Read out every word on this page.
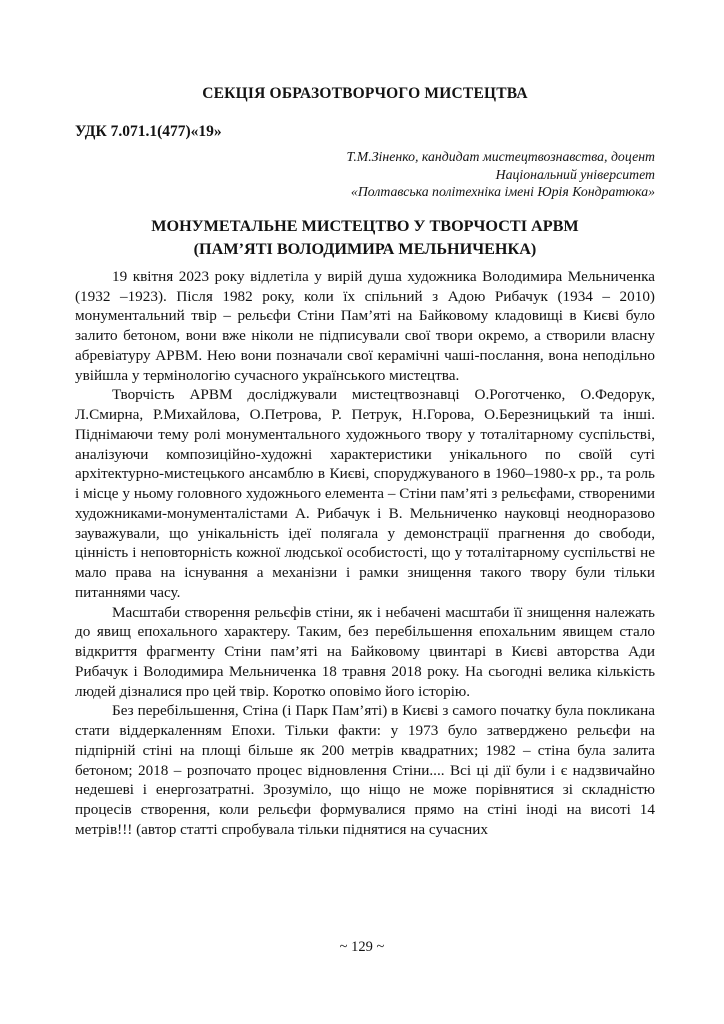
СЕКЦІЯ ОБРАЗОТВОРЧОГО МИСТЕЦТВА
УДК 7.071.1(477)«19»
Т.М.Зіненко, кандидат мистецтвознавства, доцент
Національний університет
«Полтавська політехніка імені Юрія Кондратюка»
МОНУМЕТАЛЬНЕ МИСТЕЦТВО У ТВОРЧОСТІ АРВМ
(ПАМ’ЯТІ ВОЛОДИМИРА МЕЛЬНИЧЕНКА)

19 квітня 2023 року відлетіла у вирій душа художника Володимира Мельниченка (1932 –1923). Після 1982 року, коли їх спільний з Адою Рибачук (1934 – 2010) монументальний твір – рельєфи Стіни Пам’яті на Байковому кладовищі в Києві було залито бетоном, вони вже ніколи не підписували свої твори окремо, а створили власну абревіатуру АРВМ. Нею вони позначали свої керамічні чаші-послання, вона неподільно увійшла у термінологію сучасного українського мистецтва.

Творчість АРВМ досліджували мистецтвознавці О.Роготченко, О.Федорук, Л.Смирна, Р.Михайлова, О.Петрова, Р. Петрук, Н.Горова, О.Березницький та інші. Піднімаючи тему ролі монументального художнього твору у тоталітарному суспільстві, аналізуючи композиційно-художні характеристики унікального по своїй суті архітектурно-мистецького ансамблю в Києві, споруджуваного в 1960–1980-х рр., та роль і місце у ньому головного художнього елемента – Стіни пам’яті з рельєфами, створеними художниками-монументалістами А. Рибачук і В. Мельниченко науковці неодноразово зауважували, що унікальність ідеї полягала у демонстрації прагнення до свободи, цінність і неповторність кожної людської особистості, що у тоталітарному суспільстві не мало права на існування а механізни і рамки знищення такого твору були тільки питаннями часу.

Масштаби створення рельєфів стіни, як і небачені масштаби її знищення належать до явищ епохального характеру. Таким, без перебільшення епохальним явищем стало відкриття фрагменту Стіни пам’яті на Байковому цвинтарі в Києві авторства Ади Рибачук і Володимира Мельниченка 18 травня 2018 року. На сьогодні велика кількість людей дізналися про цей твір. Коротко оповімо його історію.

Без перебільшення, Стіна (і Парк Пам’яті) в Києві з самого початку була покликана стати віддеркаленням Епохи. Тільки факти: у 1973 було затверджено рельєфи на підпірній стіні на площі більше як 200 метрів квадратних; 1982 – стіна була залита бетоном; 2018 – розпочато процес відновлення Стіни.... Всі ці дії були і є надзвичайно недешеві і енергозатратні. Зрозуміло, що ніщо не може порівнятися зі складністю процесів створення, коли рельєфи формувалися прямо на стіні іноді на висоті 14 метрів!!! (автор статті спробувала тільки піднятися на сучасних

~ 129 ~
